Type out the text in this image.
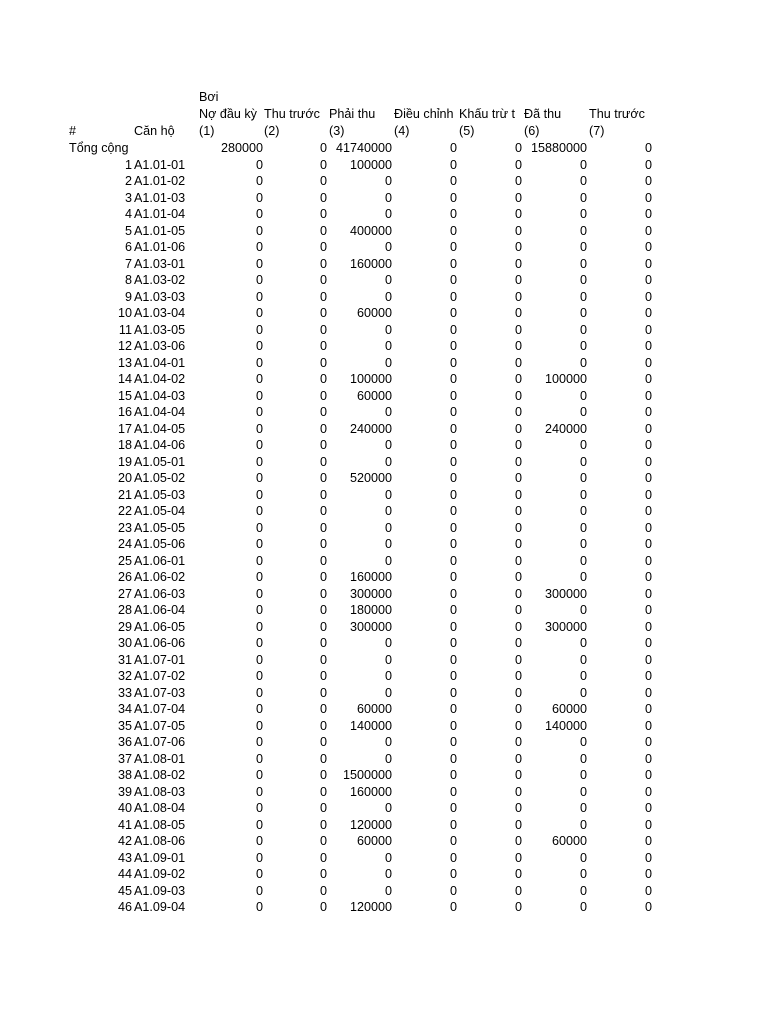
Bơi
Nợ đầu kỳ Thu trước Phải thu Điều chỉnh Khấu trừ t Đã thu Thu trước
#	Căn hộ (1)	(2)	(3)	(4)	(5)	(6)	(7)
Tổng cộng	280000	0 41740000	0	0 15880000	0
1 A1.01-01	0	0	100000	0	0	0	0
2 A1.01-02	0	0	0	0	0	0	0
3 A1.01-03	0	0	0	0	0	0	0
4 A1.01-04	0	0	0	0	0	0	0
5 A1.01-05	0	0	400000	0	0	0	0
6 A1.01-06	0	0	0	0	0	0	0
7 A1.03-01	0	0	160000	0	0	0	0
8 A1.03-02	0	0	0	0	0	0	0
9 A1.03-03	0	0	0	0	0	0	0
10 A1.03-04	0	0	60000	0	0	0	0
11 A1.03-05	0	0	0	0	0	0	0
12 A1.03-06	0	0	0	0	0	0	0
13 A1.04-01	0	0	0	0	0	0	0
14 A1.04-02	0	0	100000	0	0	100000	0
15 A1.04-03	0	0	60000	0	0	0	0
16 A1.04-04	0	0	0	0	0	0	0
17 A1.04-05	0	0	240000	0	0	240000	0
18 A1.04-06	0	0	0	0	0	0	0
19 A1.05-01	0	0	0	0	0	0	0
20 A1.05-02	0	0	520000	0	0	0	0
21 A1.05-03	0	0	0	0	0	0	0
22 A1.05-04	0	0	0	0	0	0	0
23 A1.05-05	0	0	0	0	0	0	0
24 A1.05-06	0	0	0	0	0	0	0
25 A1.06-01	0	0	0	0	0	0	0
26 A1.06-02	0	0	160000	0	0	0	0
27 A1.06-03	0	0	300000	0	0	300000	0
28 A1.06-04	0	0	180000	0	0	0	0
29 A1.06-05	0	0	300000	0	0	300000	0
30 A1.06-06	0	0	0	0	0	0	0
31 A1.07-01	0	0	0	0	0	0	0
32 A1.07-02	0	0	0	0	0	0	0
33 A1.07-03	0	0	0	0	0	0	0
34 A1.07-04	0	0	60000	0	0	60000	0
35 A1.07-05	0	0	140000	0	0	140000	0
36 A1.07-06	0	0	0	0	0	0	0
37 A1.08-01	0	0	0	0	0	0	0
38 A1.08-02	0	0	1500000	0	0	0	0
39 A1.08-03	0	0	160000	0	0	0	0
40 A1.08-04	0	0	0	0	0	0	0
41 A1.08-05	0	0	120000	0	0	0	0
42 A1.08-06	0	0	60000	0	0	60000	0
43 A1.09-01	0	0	0	0	0	0	0
44 A1.09-02	0	0	0	0	0	0	0
45 A1.09-03	0	0	0	0	0	0	0
46 A1.09-04	0	0	120000	0	0	0	0
